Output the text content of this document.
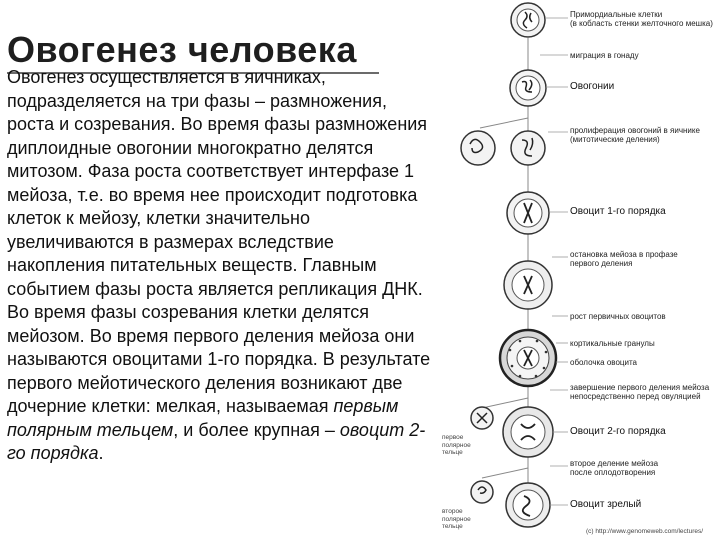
Овогенез человека

Овогенез осуществляется в яичниках, подразделяется на три фазы – размножения, роста и созревания. Во время фазы размножения диплоидные овогонии многократно делятся митозом. Фаза роста соответствует интерфазе 1 мейоза, т.е. во время нее происходит подготовка клеток к мейозу, клетки значительно увеличиваются в размерах вследствие накопления питательных веществ. Главным событием фазы роста является репликация ДНК. Во время фазы созревания клетки делятся мейозом. Во время первого деления мейоза они называются овоцитами 1-го порядка. В результате первого мейотического деления возникают две дочерние клетки: мелкая, называемая первым полярным тельцем, и более крупная – овоцит 2-го порядка.

Примордиальные клетки
(в кобласть стенки желточного мешка)
миграция в гонаду
Овогонии
пролиферация овогоний в яичнике
(митотические деления)
Овоцит 1-го порядка
остановка мейоза в профазе
первого деления
рост первичных овоцитов
кортикальные гранулы
оболочка овоцита
завершение первого деления мейоза
непосредственно перед овуляцией
Овоцит 2-го порядка
второе деление мейоза
после оплодотворения
Овоцит зрелый
первое полярное тельце
второе полярное тельце
(c) http://www.genomeweb.com/lectures/
